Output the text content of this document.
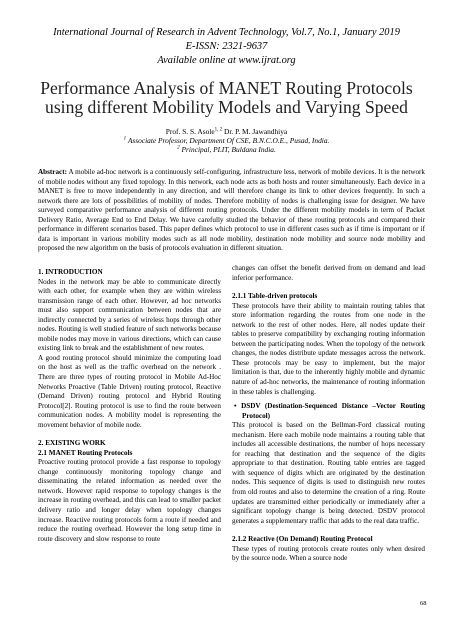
International Journal of Research in Advent Technology, Vol.7, No.1, January 2019
E-ISSN: 2321-9637
Available online at www.ijrat.org
Performance Analysis of MANET Routing Protocols
using different Mobility Models and Varying Speed
Prof. S. S. Asole$^{1, 2}$ Dr. P. M. Jawandhiya
$^1$ Associate Professor, Department Of CSE, B.N.C.O.E., Pusad, India.
$^2$ Principal, PLIT, Buldana India.

Abstract: A mobile ad-hoc network is a continuously self-configuring, infrastructure less, network of mobile devices. It is the network of mobile nodes without any fixed topology. In this network, each node acts as both hosts and router simultaneously. Each device in a MANET is free to move independently in any direction, and will therefore change its link to other devices frequently. In such a network there are lots of possibilities of mobility of nodes. Therefore mobility of nodes is challenging issue for designer. We have surveyed comparative performance analysis of different routing protocols. Under the different mobility models in term of Packet Delivery Ratio, Average End to End Delay. We have carefully studied the behavior of these routing protocols and compared their performance in different scenarios based. This paper defines which protocol to use in different cases such as if time is important or if data is important in various mobility modes such as all node mobility, destination node mobility and source node mobility and proposed the new algorithm on the basis of protocols evaluation in different situation.

1. INTRODUCTION

Nodes in the network may be able to communicate directly with each other, for example when they are within wireless transmission range of each other. However, ad hoc networks must also support communication between nodes that are indirectly connected by a series of wireless hops through other nodes. Routing is well studied feature of such networks because mobile nodes may move in various directions, which can cause existing link to break and the establishment of new routes.

A good routing protocol should minimize the computing load on the host as well as the traffic overhead on the network . There are three types of routing protocol in Mobile Ad-Hoc Networks Proactive (Table Driven) routing protocol, Reactive (Demand Driven) routing protocol and Hybrid Routing Protocol[2]. Routing protocol is use to find the route between communication nodes. A mobility model is representing the movement behavior of mobile node.

2. EXISTING WORK
2.1 MANET Routing Protocols

Proactive routing protocol provide a fast response to topology change continuously monitoring topology change and disseminating the related information as needed over the network. However rapid response to topology changes is the increase in routing overhead, and this can lead to smaller packet delivery ratio and longer delay when topology changes increase. Reactive routing protocols form a route if needed and reduce the routing overhead. However the long setup time in route discovery and slow response to route

changes can offset the benefit derived from on demand and lead inferior performance.

2.1.1 Table-driven protocols

These protocols have their ability to maintain routing tables that store information regarding the routes from one node in the network to the rest of other nodes. Here, all nodes update their tables to preserve compatibility by exchanging routing information between the participating nodes. When the topology of the network changes, the nodes distribute update messages across the network. These protocols may be easy to implement, but the major limitation is that, due to the inherently highly mobile and dynamic nature of ad-hoc networks, the maintenance of routing information in these tables is challenging.

• DSDV (Destination-Sequenced Distance –Vector Routing Protocol)

This protocol is based on the Bellman-Ford classical routing mechanism. Here each mobile node maintains a routing table that includes all accessible destinations, the number of hops necessary for reaching that destination and the sequence of the digits appropriate to that destination. Routing table entries are tagged with sequence of digits which are originated by the destination nodes. This sequence of digits is used to distinguish new routes from old routes and also to determine the creation of a ring. Route updates are transmitted either periodically or immediately after a significant topology change is being detected. DSDV protocol generates a supplementary traffic that adds to the real data traffic.

2.1.2 Reactive (On Demand) Routing Protocol

These types of routing protocols create routes only when desired by the source node. When a source node

68
